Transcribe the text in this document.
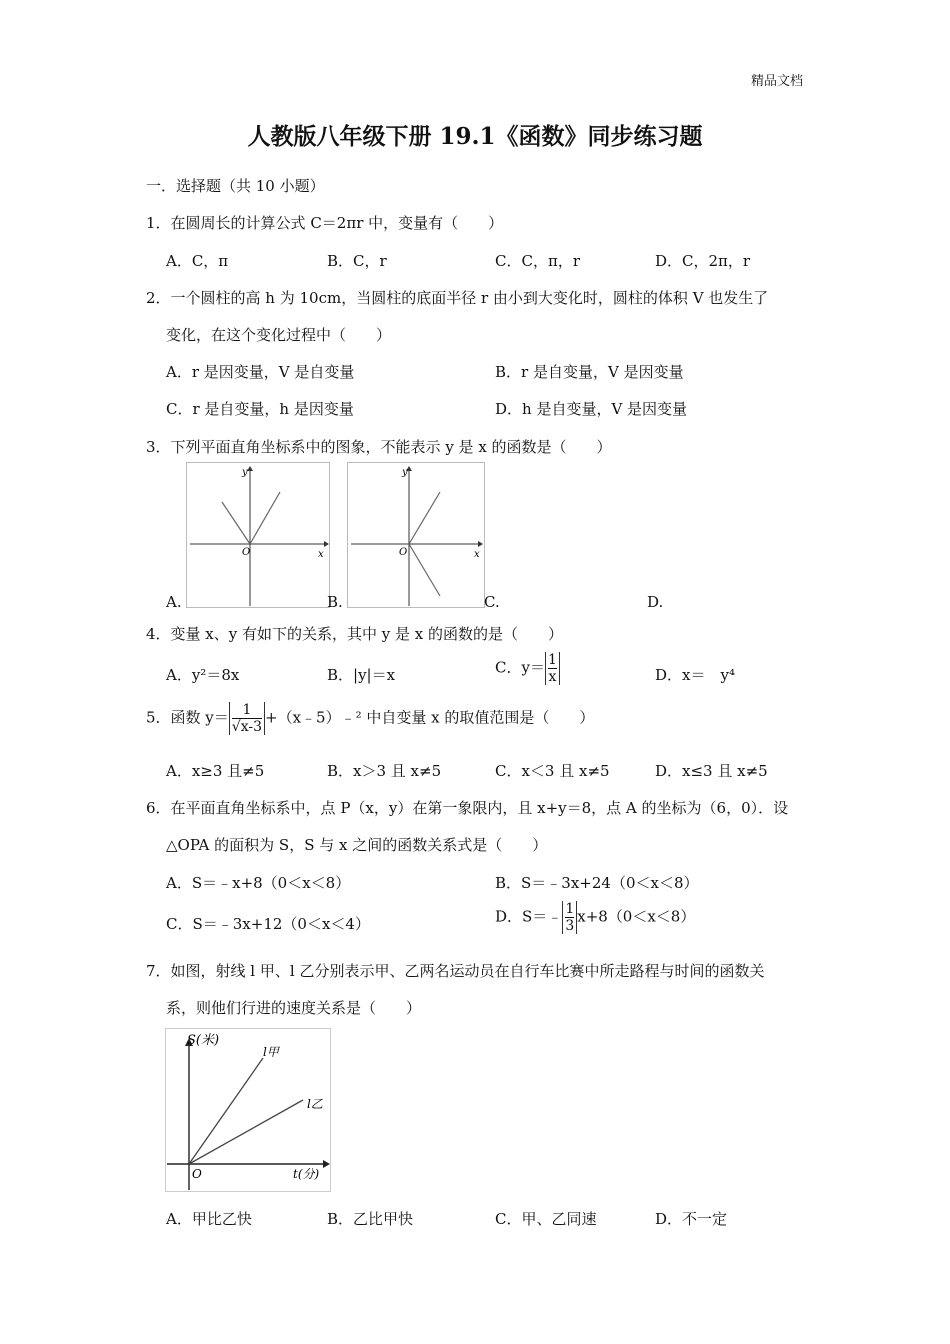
精品文档
人教版八年级下册 19.1《函数》同步练习题
一．选择题（共 10 小题）
1．在圆周长的计算公式 C＝2πr 中，变量有（　　）
A．C，π	B．C，r	C．C，π，r	D．C，2π，r
2．一个圆柱的高 h 为 10cm，当圆柱的底面半径 r 由小到大变化时，圆柱的体积 V 也发生了
变化，在这个变化过程中（　　）
A．r 是因变量，V 是自变量	B．r 是自变量，V 是因变量
C．r 是自变量，h 是因变量	D．h 是自变量，V 是因变量
3．下列平面直角坐标系中的图象，不能表示 y 是 x 的函数是（　　）
x
y
O	x
y
O
A.	B.	C.	D.
4．变量 x、y 有如下的关系，其中 y 是 x 的函数的是（　　）
A．y²＝8x	B．|y|＝x	C．$y= \frac{1}{x}$	D．x＝　y⁴
5．函数 $y= \frac{1}{√x-3}$ +（x﹣5）﹣² 中自变量 x 的取值范围是（　　）
A．x≥3 且≠5	B．x＞3 且 x≠5	C．x＜3 且 x≠5	D．x≤3 且 x≠5
6．在平面直角坐标系中，点 P（x，y）在第一象限内，且 x+y＝8，点 A 的坐标为（6，0）．设
△OPA 的面积为 S，S 与 x 之间的函数关系式是（　　）
A．S＝﹣x+8（0＜x＜8）	B．S＝﹣3x+24（0＜x＜8）
C．S＝﹣3x+12（0＜x＜4）	D．S＝﹣ $\frac{1}{3} x+8(0<x<8)$
7．如图，射线 l 甲、l 乙分别表示甲、乙两名运动员在自行车比赛中所走路程与时间的函数关
系，则他们行进的速度关系是（　　）
S(米)
t(分)
O
l甲
l乙
A．甲比乙快	B．乙比甲快	C．甲、乙同速	D．不一定
